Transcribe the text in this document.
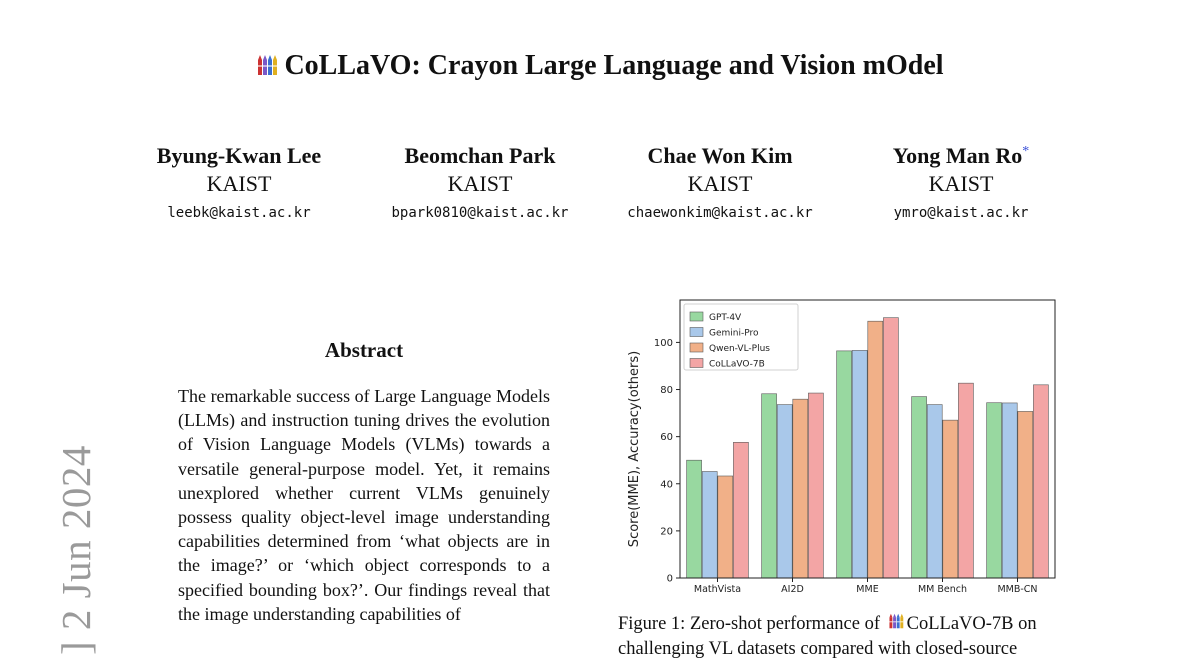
] 2 Jun 2024
CoLLaVO: Crayon Large Language and Vision mOdel
Byung-Kwan Lee
KAIST
leebk@kaist.ac.kr
Beomchan Park
KAIST
bpark0810@kaist.ac.kr
Chae Won Kim
KAIST
chaewonkim@kaist.ac.kr
Yong Man Ro*
KAIST
ymro@kaist.ac.kr
Abstract
The remarkable success of Large Language Models (LLMs) and instruction tuning drives the evolution of Vision Language Models (VLMs) towards a versatile general-purpose model. Yet, it remains unexplored whether current VLMs genuinely possess quality object-level image understanding capabilities determined from ‘what objects are in the image?’ or ‘which object corresponds to a specified bounding box?’. Our findings reveal that the image understanding capabilities of
0
20
40
60
80
100
MathVista	AI2D	MME	MM Bench	MMB-CN
Score(MME), Accuracy(others)
GPT-4V
Gemini-Pro
Qwen-VL-Plus
CoLLaVO-7B
Figure 1: Zero-shot performance of CoLLaVO-7B on
challenging VL datasets compared with closed-source
